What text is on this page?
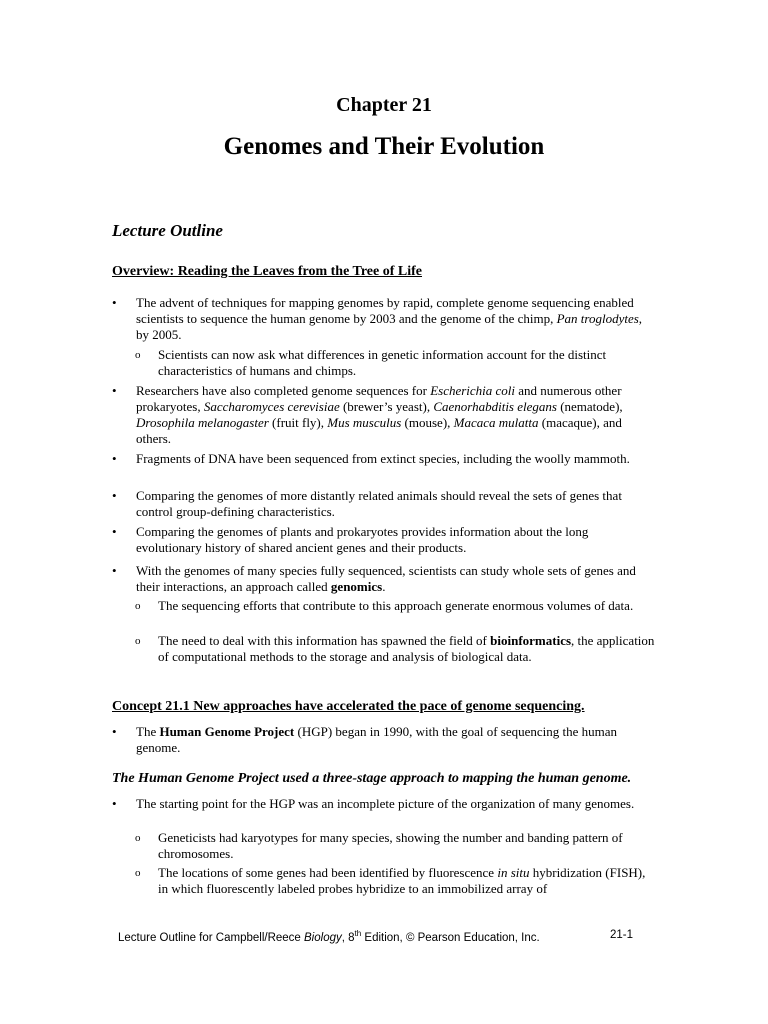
Chapter 21
Genomes and Their Evolution
Lecture Outline
Overview: Reading the Leaves from the Tree of Life
•	The advent of techniques for mapping genomes by rapid, complete genome sequencing enabled scientists to sequence the human genome by 2003 and the genome of the chimp, Pan troglodytes, by 2005.
o	Scientists can now ask what differences in genetic information account for the distinct characteristics of humans and chimps.
•	Researchers have also completed genome sequences for Escherichia coli and numerous other prokaryotes, Saccharomyces cerevisiae (brewer’s yeast), Caenorhabditis elegans (nematode), Drosophila melanogaster (fruit fly), Mus musculus (mouse), Macaca mulatta (macaque), and others.
•	Fragments of DNA have been sequenced from extinct species, including the woolly mammoth.
•	Comparing the genomes of more distantly related animals should reveal the sets of genes that control group-defining characteristics.
•	Comparing the genomes of plants and prokaryotes provides information about the long evolutionary history of shared ancient genes and their products.
•	With the genomes of many species fully sequenced, scientists can study whole sets of genes and their interactions, an approach called genomics.
o	The sequencing efforts that contribute to this approach generate enormous volumes of data.
o	The need to deal with this information has spawned the field of bioinformatics, the application of computational methods to the storage and analysis of biological data.
Concept 21.1 New approaches have accelerated the pace of genome sequencing.
•	The Human Genome Project (HGP) began in 1990, with the goal of sequencing the human genome.
The Human Genome Project used a three-stage approach to mapping the human genome.
•	The starting point for the HGP was an incomplete picture of the organization of many genomes.
o	Geneticists had karyotypes for many species, showing the number and banding pattern of chromosomes.
o	The locations of some genes had been identified by fluorescence in situ hybridization (FISH), in which fluorescently labeled probes hybridize to an immobilized array of
Lecture Outline for Campbell/Reece Biology, 8th Edition, © Pearson Education, Inc.	21-1
